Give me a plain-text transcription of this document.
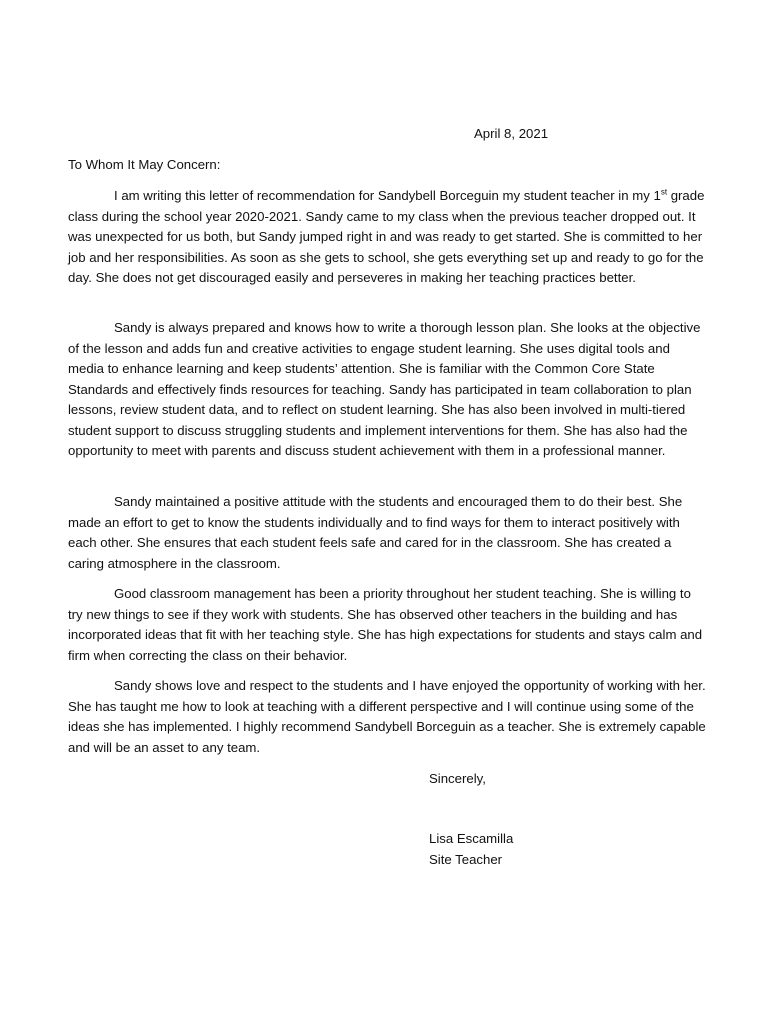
April 8, 2021
To Whom It May Concern:

I am writing this letter of recommendation for Sandybell Borceguin my student teacher in my 1st grade class during the school year 2020-2021. Sandy came to my class when the previous teacher dropped out. It was unexpected for us both, but Sandy jumped right in and was ready to get started. She is committed to her job and her responsibilities. As soon as she gets to school, she gets everything set up and ready to go for the day. She does not get discouraged easily and perseveres in making her teaching practices better.

Sandy is always prepared and knows how to write a thorough lesson plan. She looks at the objective of the lesson and adds fun and creative activities to engage student learning. She uses digital tools and media to enhance learning and keep students’ attention. She is familiar with the Common Core State Standards and effectively finds resources for teaching. Sandy has participated in team collaboration to plan lessons, review student data, and to reflect on student learning. She has also been involved in multi-tiered student support to discuss struggling students and implement interventions for them. She has also had the opportunity to meet with parents and discuss student achievement with them in a professional manner.

Sandy maintained a positive attitude with the students and encouraged them to do their best. She made an effort to get to know the students individually and to find ways for them to interact positively with each other. She ensures that each student feels safe and cared for in the classroom. She has created a caring atmosphere in the classroom.

Good classroom management has been a priority throughout her student teaching. She is willing to try new things to see if they work with students. She has observed other teachers in the building and has incorporated ideas that fit with her teaching style. She has high expectations for students and stays calm and firm when correcting the class on their behavior.

Sandy shows love and respect to the students and I have enjoyed the opportunity of working with her. She has taught me how to look at teaching with a different perspective and I will continue using some of the ideas she has implemented. I highly recommend Sandybell Borceguin as a teacher. She is extremely capable and will be an asset to any team.

Sincerely,
Lisa Escamilla
Site Teacher
